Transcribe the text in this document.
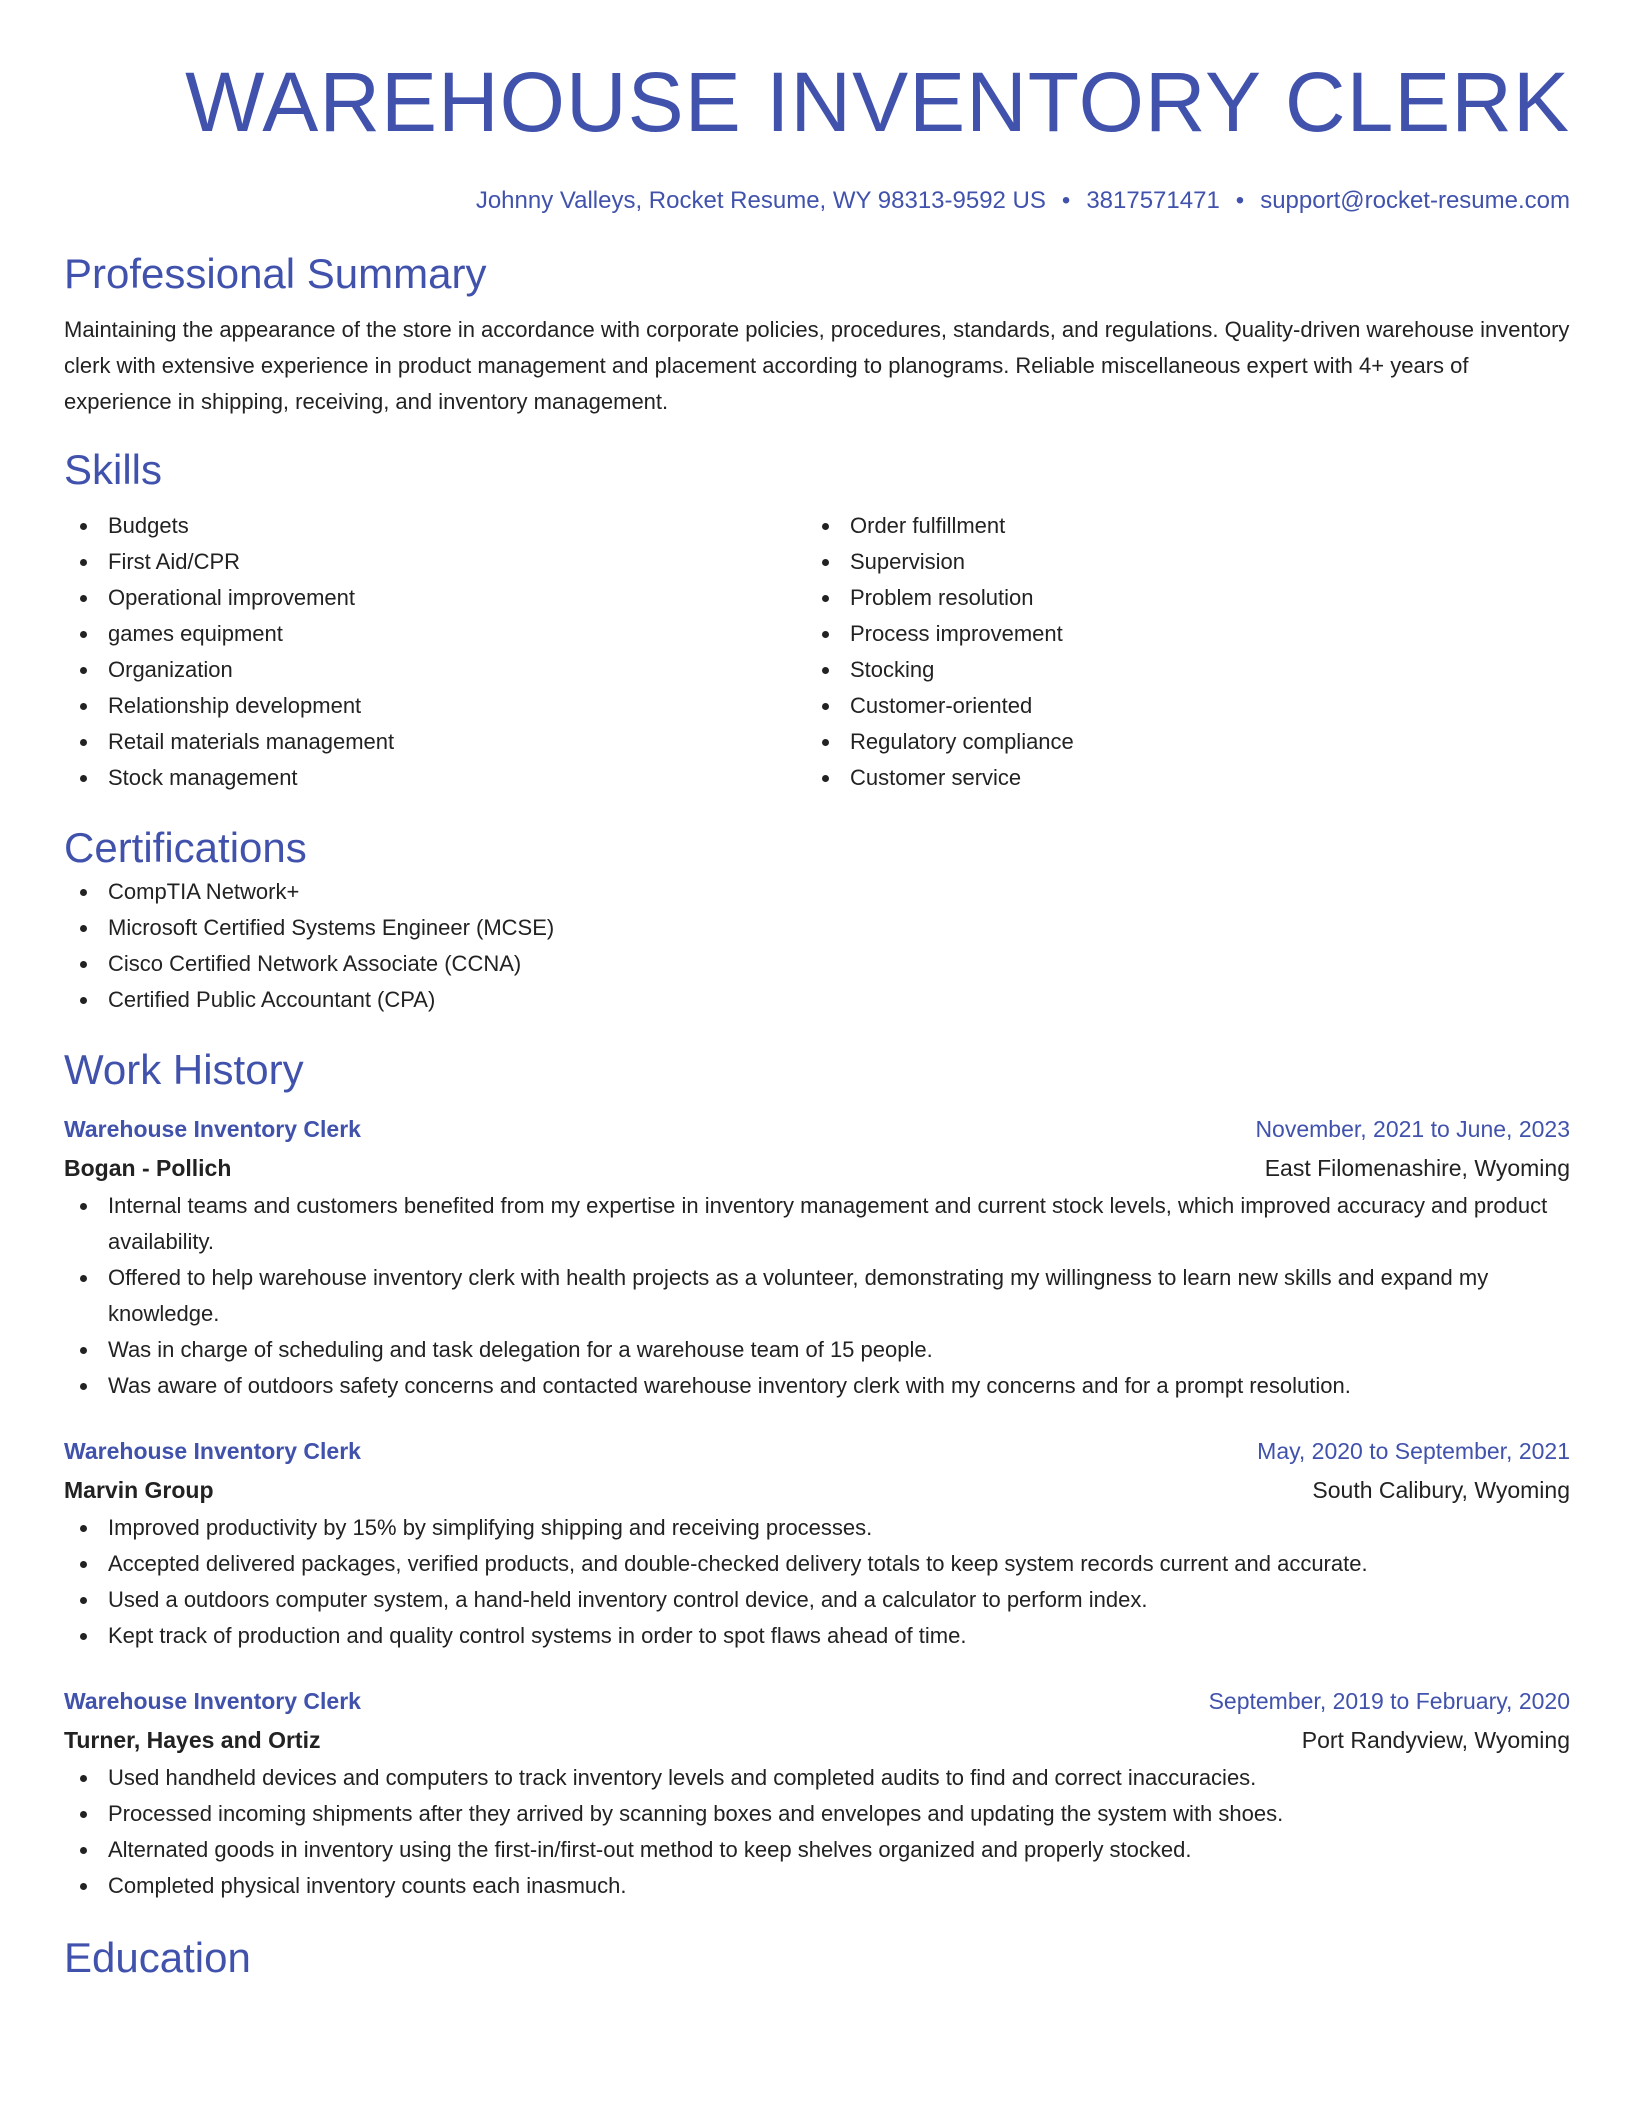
WAREHOUSE INVENTORY CLERK
Johnny Valleys, Rocket Resume, WY 98313-9592 US • 3817571471 • support@rocket-resume.com
Professional Summary

Maintaining the appearance of the store in accordance with corporate policies, procedures, standards, and regulations. Quality-driven warehouse inventory clerk with extensive experience in product management and placement according to planograms. Reliable miscellaneous expert with 4+ years of experience in shipping, receiving, and inventory management.

Skills
Budgets
First Aid/CPR
Operational improvement
games equipment
Organization
Relationship development
Retail materials management
Stock management
Order fulfillment
Supervision
Problem resolution
Process improvement
Stocking
Customer-oriented
Regulatory compliance
Customer service
Certifications
CompTIA Network+
Microsoft Certified Systems Engineer (MCSE)
Cisco Certified Network Associate (CCNA)
Certified Public Accountant (CPA)
Work History
Warehouse Inventory Clerk	November, 2021 to June, 2023
Bogan - Pollich	East Filomenashire, Wyoming
Internal teams and customers benefited from my expertise in inventory management and current stock levels, which improved accuracy and product availability.
Offered to help warehouse inventory clerk with health projects as a volunteer, demonstrating my willingness to learn new skills and expand my knowledge.
Was in charge of scheduling and task delegation for a warehouse team of 15 people.
Was aware of outdoors safety concerns and contacted warehouse inventory clerk with my concerns and for a prompt resolution.
Warehouse Inventory Clerk	May, 2020 to September, 2021
Marvin Group	South Calibury, Wyoming
Improved productivity by 15% by simplifying shipping and receiving processes.
Accepted delivered packages, verified products, and double-checked delivery totals to keep system records current and accurate.
Used a outdoors computer system, a hand-held inventory control device, and a calculator to perform index.
Kept track of production and quality control systems in order to spot flaws ahead of time.
Warehouse Inventory Clerk	September, 2019 to February, 2020
Turner, Hayes and Ortiz	Port Randyview, Wyoming
Used handheld devices and computers to track inventory levels and completed audits to find and correct inaccuracies.
Processed incoming shipments after they arrived by scanning boxes and envelopes and updating the system with shoes.
Alternated goods in inventory using the first-in/first-out method to keep shelves organized and properly stocked.
Completed physical inventory counts each inasmuch.
Education
